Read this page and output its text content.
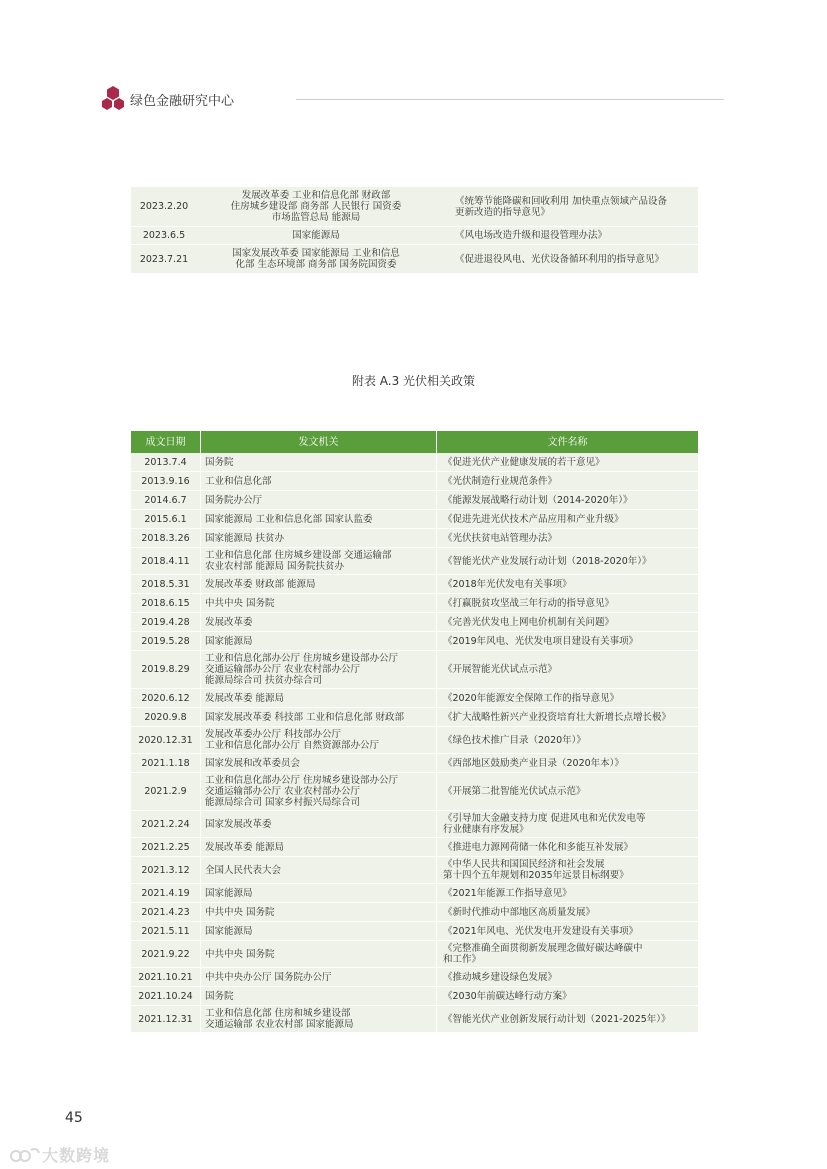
绿色金融研究中心
2023.2.20	发展改革委 工业和信息化部 财政部
住房城乡建设部 商务部 人民银行 国资委
市场监管总局 能源局	《统筹节能降碳和回收利用 加快重点领域产品设备
更新改造的指导意见》
2023.6.5	国家能源局	《风电场改造升级和退役管理办法》
2023.7.21	国家发展改革委 国家能源局 工业和信息
化部 生态环境部 商务部 国务院国资委	《促进退役风电、光伏设备循环利用的指导意见》
附表 A.3 光伏相关政策
成文日期	发文机关	文件名称
2013.7.4	国务院	《促进光伏产业健康发展的若干意见》
2013.9.16	工业和信息化部	《光伏制造行业规范条件》
2014.6.7	国务院办公厅	《能源发展战略行动计划（2014-2020年）》
2015.6.1	国家能源局 工业和信息化部 国家认监委	《促进先进光伏技术产品应用和产业升级》
2018.3.26	国家能源局 扶贫办	《光伏扶贫电站管理办法》
2018.4.11	工业和信息化部 住房城乡建设部 交通运输部
农业农村部 能源局 国务院扶贫办	《智能光伏产业发展行动计划（2018-2020年）》
2018.5.31	发展改革委 财政部 能源局	《2018年光伏发电有关事项》
2018.6.15	中共中央 国务院	《打赢脱贫攻坚战三年行动的指导意见》
2019.4.28	发展改革委	《完善光伏发电上网电价机制有关问题》
2019.5.28	国家能源局	《2019年风电、光伏发电项目建设有关事项》
2019.8.29	工业和信息化部办公厅 住房城乡建设部办公厅
交通运输部办公厅 农业农村部办公厅
能源局综合司 扶贫办综合司	《开展智能光伏试点示范》
2020.6.12	发展改革委 能源局	《2020年能源安全保障工作的指导意见》
2020.9.8	国家发展改革委 科技部 工业和信息化部 财政部	《扩大战略性新兴产业投资培育壮大新增长点增长极》
2020.12.31	发展改革委办公厅 科技部办公厅
工业和信息化部办公厅 自然资源部办公厅	《绿色技术推广目录（2020年）》
2021.1.18	国家发展和改革委员会	《西部地区鼓励类产业目录（2020年本）》
2021.2.9	工业和信息化部办公厅 住房城乡建设部办公厅
交通运输部办公厅 农业农村部办公厅
能源局综合司 国家乡村振兴局综合司	《开展第二批智能光伏试点示范》
2021.2.24	国家发展改革委	《引导加大金融支持力度 促进风电和光伏发电等
行业健康有序发展》
2021.2.25	发展改革委 能源局	《推进电力源网荷储一体化和多能互补发展》
2021.3.12	全国人民代表大会	《中华人民共和国国民经济和社会发展
第十四个五年规划和2035年远景目标纲要》
2021.4.19	国家能源局	《2021年能源工作指导意见》
2021.4.23	中共中央 国务院	《新时代推动中部地区高质量发展》
2021.5.11	国家能源局	《2021年风电、光伏发电开发建设有关事项》
2021.9.22	中共中央 国务院	《完整准确全面贯彻新发展理念做好碳达峰碳中
和工作》
2021.10.21	中共中央办公厅 国务院办公厅	《推动城乡建设绿色发展》
2021.10.24	国务院	《2030年前碳达峰行动方案》
2021.12.31	工业和信息化部 住房和城乡建设部
交通运输部 农业农村部 国家能源局	《智能光伏产业创新发展行动计划（2021-2025年）》
45
大数跨境
